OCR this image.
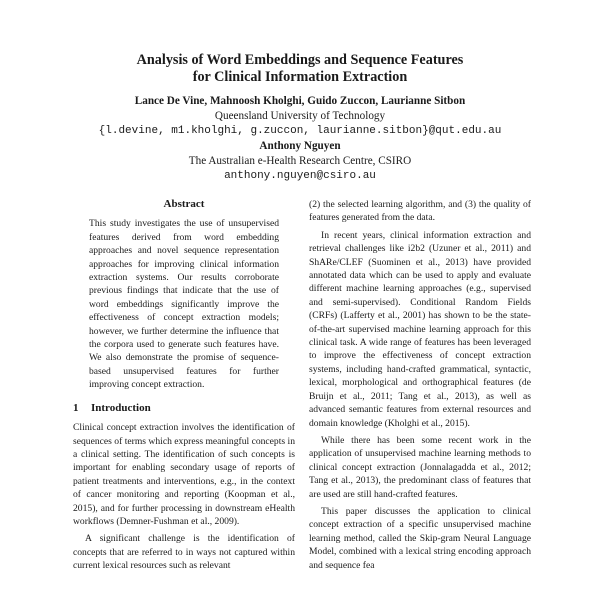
Analysis of Word Embeddings and Sequence Features
for Clinical Information Extraction
Lance De Vine, Mahnoosh Kholghi, Guido Zuccon, Laurianne Sitbon
Queensland University of Technology
{l.devine, m1.kholghi, g.zuccon, laurianne.sitbon}@qut.edu.au
Anthony Nguyen
The Australian e-Health Research Centre, CSIRO
anthony.nguyen@csiro.au
Abstract
This study investigates the use of unsupervised features derived from word embedding approaches and novel sequence representation approaches for improving clinical information extraction systems. Our results corroborate previous findings that indicate that the use of word embeddings significantly improve the effectiveness of concept extraction models; however, we further determine the influence that the corpora used to generate such features have. We also demonstrate the promise of sequence-based unsupervised features for further improving concept extraction.
1 Introduction

Clinical concept extraction involves the identification of sequences of terms which express meaningful concepts in a clinical setting. The identification of such concepts is important for enabling secondary usage of reports of patient treatments and interventions, e.g., in the context of cancer monitoring and reporting (Koopman et al., 2015), and for further processing in downstream eHealth workflows (Demner-Fushman et al., 2009).

A significant challenge is the identification of concepts that are referred to in ways not captured within current lexical resources such as relevant

(2) the selected learning algorithm, and (3) the quality of features generated from the data.

In recent years, clinical information extraction and retrieval challenges like i2b2 (Uzuner et al., 2011) and ShARe/CLEF (Suominen et al., 2013) have provided annotated data which can be used to apply and evaluate different machine learning approaches (e.g., supervised and semi-supervised). Conditional Random Fields (CRFs) (Lafferty et al., 2001) has shown to be the state-of-the-art supervised machine learning approach for this clinical task. A wide range of features has been leveraged to improve the effectiveness of concept extraction systems, including hand-crafted grammatical, syntactic, lexical, morphological and orthographical features (de Bruijn et al., 2011; Tang et al., 2013), as well as advanced semantic features from external resources and domain knowledge (Kholghi et al., 2015).

While there has been some recent work in the application of unsupervised machine learning methods to clinical concept extraction (Jonnalagadda et al., 2012; Tang et al., 2013), the predominant class of features that are used are still hand-crafted features.

This paper discusses the application to clinical concept extraction of a specific unsupervised machine learning method, called the Skip-gram Neural Language Model, combined with a lexical string encoding approach and sequence fea
